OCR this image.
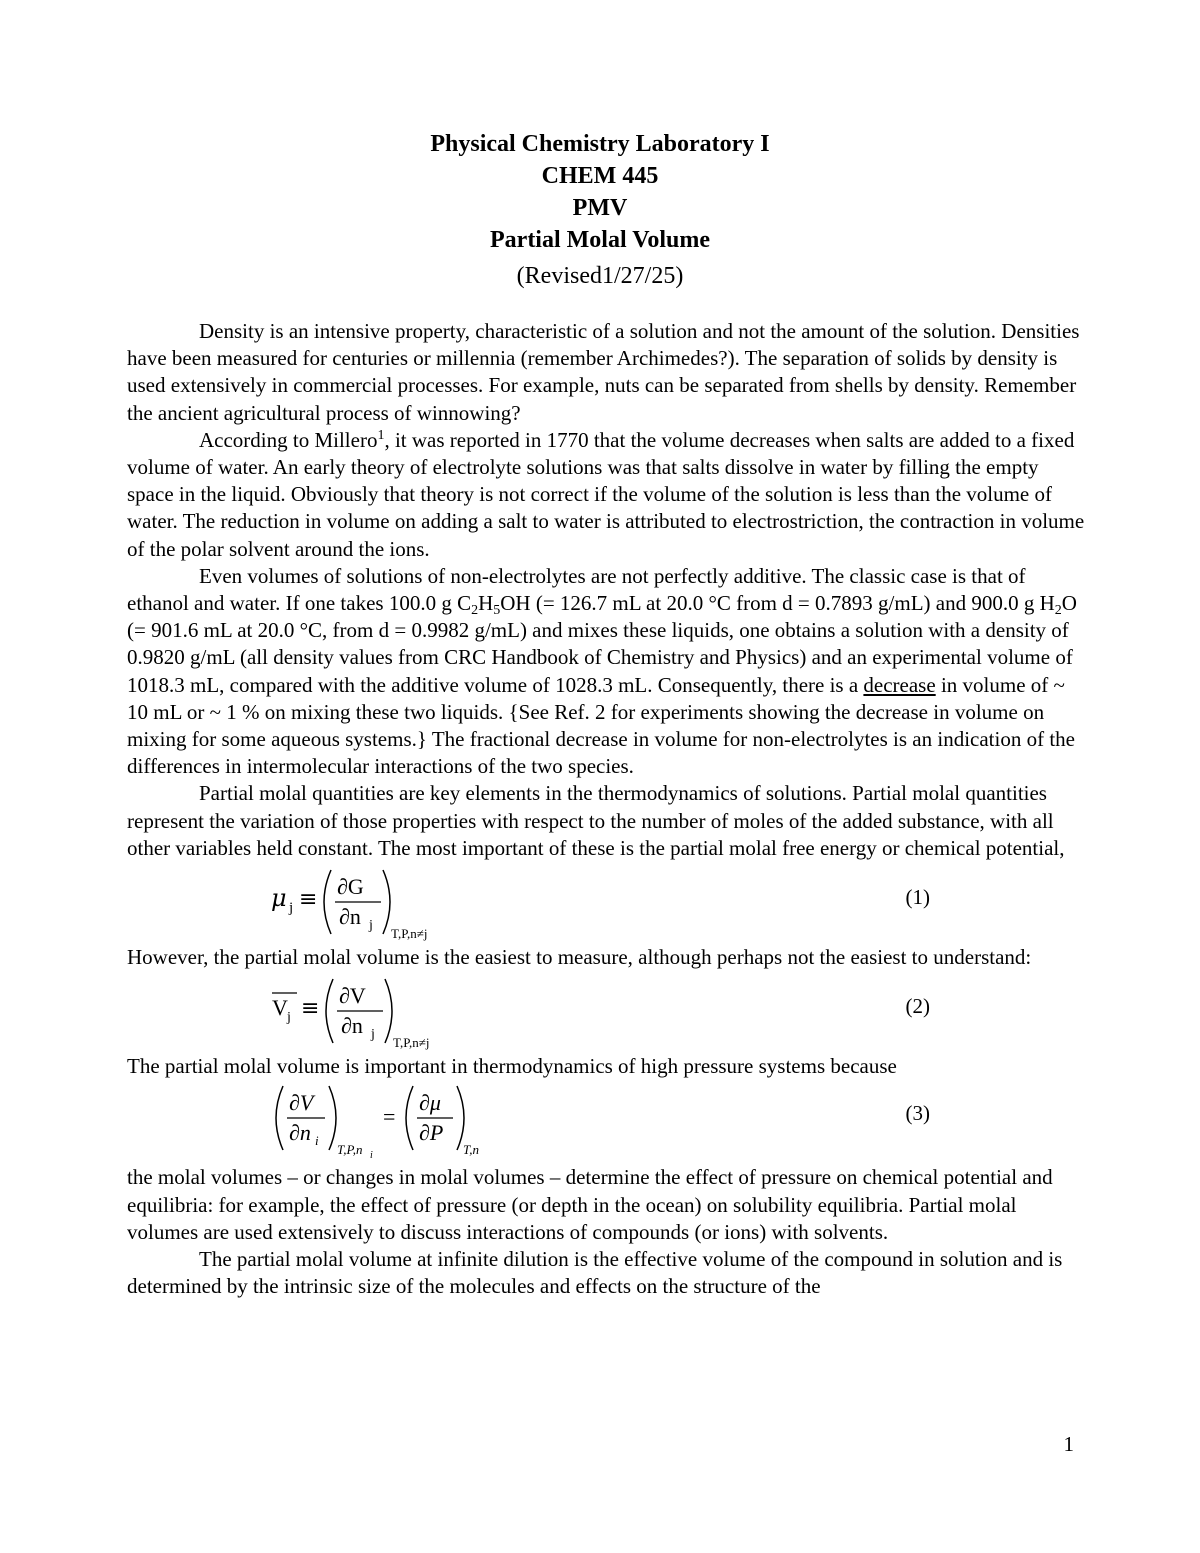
Physical Chemistry Laboratory I
CHEM 445
PMV
Partial Molal Volume
(Revised1/27/25)

Density is an intensive property, characteristic of a solution and not the amount of the solution. Densities have been measured for centuries or millennia (remember Archimedes?). The separation of solids by density is used extensively in commercial processes. For example, nuts can be separated from shells by density. Remember the ancient agricultural process of winnowing?

According to Millero$^1$, it was reported in 1770 that the volume decreases when salts are added to a fixed volume of water. An early theory of electrolyte solutions was that salts dissolve in water by filling the empty space in the liquid. Obviously that theory is not correct if the volume of the solution is less than the volume of water. The reduction in volume on adding a salt to water is attributed to electrostriction, the contraction in volume of the polar solvent around the ions.

Even volumes of solutions of non-electrolytes are not perfectly additive. The classic case is that of ethanol and water. If one takes 100.0 g $C_2H_5OH$ (= 126.7 mL at 20.0 °C from d = 0.7893 g/mL) and 900.0 g $H_2O$ (= 901.6 mL at 20.0 °C, from d = 0.9982 g/mL) and mixes these liquids, one obtains a solution with a density of 0.9820 g/mL (all density values from CRC Handbook of Chemistry and Physics) and an experimental volume of 1018.3 mL, compared with the additive volume of 1028.3 mL. Consequently, there is a decrease in volume of ~ 10 mL or ~ 1 % on mixing these two liquids. {See Ref. 2 for experiments showing the decrease in volume on mixing for some aqueous systems.} The fractional decrease in volume for non-electrolytes is an indication of the differences in intermolecular interactions of the two species.

Partial molal quantities are key elements in the thermodynamics of solutions. Partial molal quantities represent the variation of those properties with respect to the number of moles of the added substance, with all other variables held constant. The most important of these is the partial molal free energy or chemical potential,

μ j ≡
∂G
∂n j
T,P,n≠j
(1)

However, the partial molal volume is the easiest to measure, although perhaps not the easiest to understand:

V j ≡
∂V
∂n j
T,P,n≠j
(2)

The partial molal volume is important in thermodynamics of high pressure systems because

∂V
∂n i
T,P,n i
=
∂μ
∂P
T,n
(3)

the molal volumes – or changes in molal volumes – determine the effect of pressure on chemical potential and equilibria: for example, the effect of pressure (or depth in the ocean) on solubility equilibria. Partial molal volumes are used extensively to discuss interactions of compounds (or ions) with solvents.

The partial molal volume at infinite dilution is the effective volume of the compound in solution and is determined by the intrinsic size of the molecules and effects on the structure of the

1
